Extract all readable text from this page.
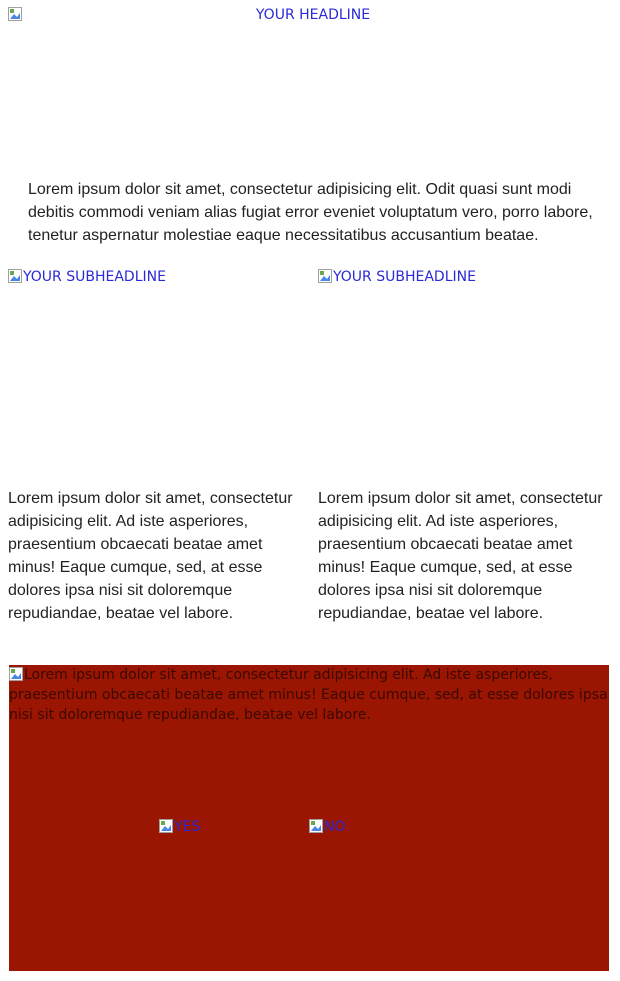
YOUR HEADLINE

Lorem ipsum dolor sit amet, consectetur adipisicing elit. Odit quasi sunt modi debitis commodi veniam alias fugiat error eveniet voluptatum vero, porro labore, tenetur aspernatur molestiae eaque necessitatibus accusantium beatae.

YOUR SUBHEADLINE	YOUR SUBHEADLINE

Lorem ipsum dolor sit amet, consectetur adipisicing elit. Ad iste asperiores, praesentium obcaecati beatae amet minus! Eaque cumque, sed, at esse dolores ipsa nisi sit doloremque repudiandae, beatae vel labore.

Lorem ipsum dolor sit amet, consectetur adipisicing elit. Ad iste asperiores, praesentium obcaecati beatae amet minus! Eaque cumque, sed, at esse dolores ipsa nisi sit doloremque repudiandae, beatae vel labore.

Lorem ipsum dolor sit amet, consectetur adipisicing elit. Ad iste asperiores, praesentium obcaecati beatae amet minus! Eaque cumque, sed, at esse dolores ipsa nisi sit doloremque repudiandae, beatae vel labore.

YES	NO
